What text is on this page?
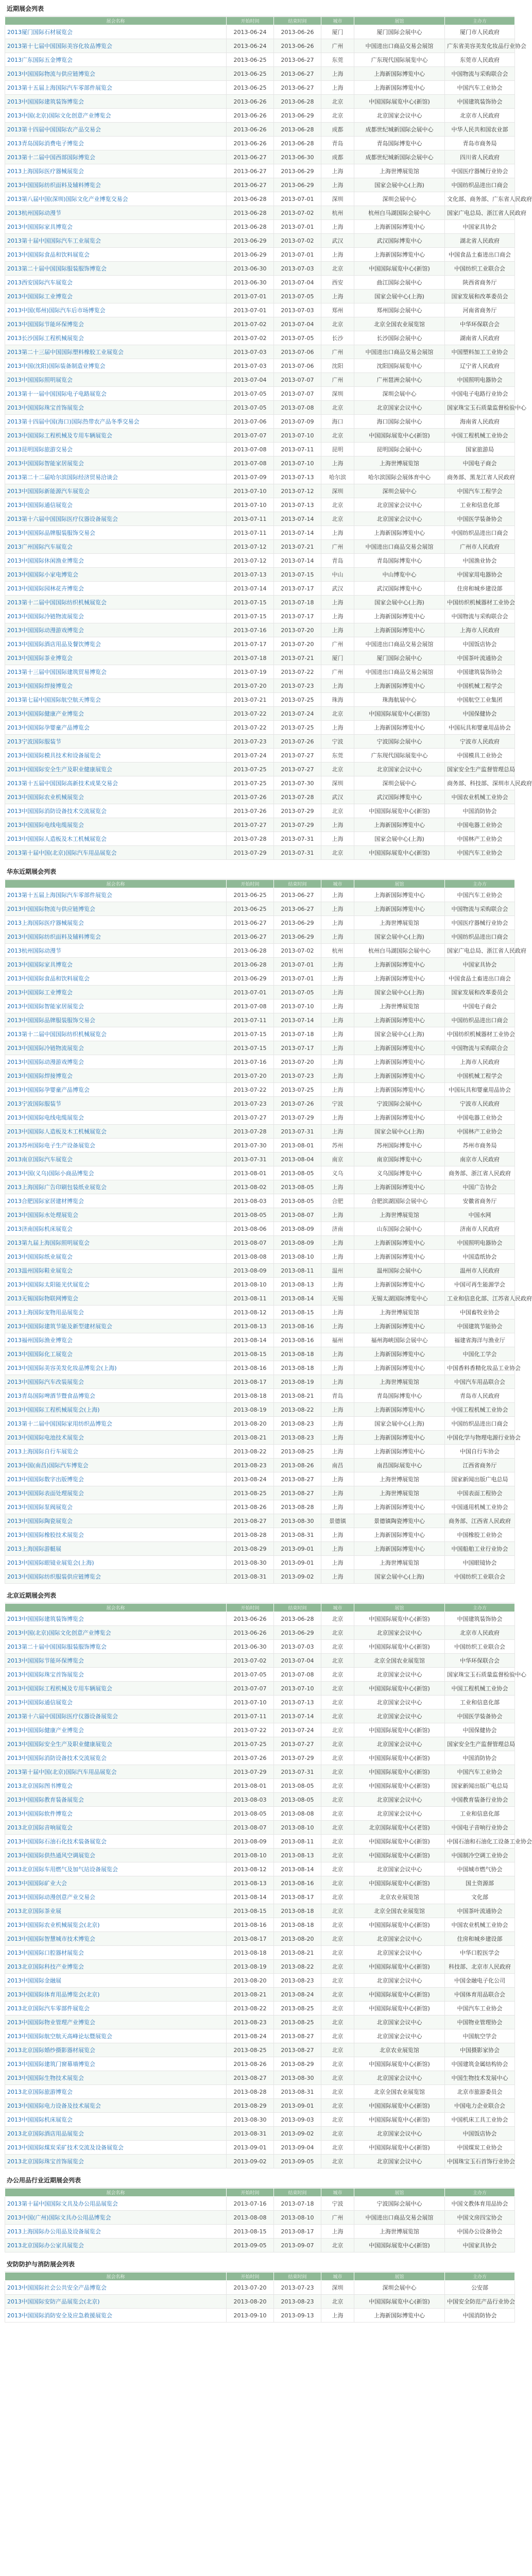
近期展会列表
展会名称	开始时间	结束时间	城市	展馆	主办方
2013厦门国际石材展览会	2013-06-24	2013-06-26	厦门	厦门国际会展中心	厦门市人民政府
2013第十七届中国国际美容化妆品博览会	2013-06-24	2013-06-26	广州	中国进出口商品交易会展馆	广东省美容美发化妆品行业协会
2013广东国际五金博览会	2013-06-25	2013-06-27	东莞	广东现代国际展览中心	东莞市人民政府
2013中国国际物流与供应链博览会	2013-06-25	2013-06-27	上海	上海新国际博览中心	中国物流与采购联合会
2013第十五届上海国际汽车零部件展览会	2013-06-25	2013-06-27	上海	上海新国际博览中心	中国汽车工业协会
2013中国国际建筑装饰博览会	2013-06-26	2013-06-28	北京	中国国际展览中心(新馆)	中国建筑装饰协会
2013中国(北京)国际文化创意产业博览会	2013-06-26	2013-06-29	北京	北京国家会议中心	北京市人民政府
2013第十四届中国国际农产品交易会	2013-06-26	2013-06-28	成都	成都世纪城新国际会展中心	中华人民共和国农业部
2013青岛国际消费电子博览会	2013-06-26	2013-06-28	青岛	青岛国际博览中心	青岛市商务局
2013第十二届中国西部国际博览会	2013-06-27	2013-06-30	成都	成都世纪城新国际会展中心	四川省人民政府
2013上海国际医疗器械展览会	2013-06-27	2013-06-29	上海	上海世博展览馆	中国医疗器械行业协会
2013中国国际纺织面料及辅料博览会	2013-06-27	2013-06-29	上海	国家会展中心(上海)	中国纺织品进出口商会
2013第八届中国(深圳)国际文化产业博览交易会	2013-06-28	2013-07-01	深圳	深圳会展中心	文化部、商务部、广东省人民政府
2013杭州国际动漫节	2013-06-28	2013-07-02	杭州	杭州白马湖国际会展中心	国家广电总局、浙江省人民政府
2013中国国际家具博览会	2013-06-28	2013-07-01	上海	上海新国际博览中心	中国家具协会
2013第十届中国国际汽车工业展览会	2013-06-29	2013-07-02	武汉	武汉国际博览中心	湖北省人民政府
2013中国国际食品和饮料展览会	2013-06-29	2013-07-01	上海	上海新国际博览中心	中国食品土畜进出口商会
2013第二十届中国国际服装服饰博览会	2013-06-30	2013-07-03	北京	中国国际展览中心(新馆)	中国纺织工业联合会
2013西安国际汽车展览会	2013-06-30	2013-07-04	西安	曲江国际会展中心	陕西省商务厅
2013中国国际工业博览会	2013-07-01	2013-07-05	上海	国家会展中心(上海)	国家发展和改革委员会
2013中国(郑州)国际汽车后市场博览会	2013-07-01	2013-07-03	郑州	郑州国际会展中心	河南省商务厅
2013中国国际节能环保博览会	2013-07-02	2013-07-04	北京	北京全国农业展览馆	中华环保联合会
2013长沙国际工程机械展览会	2013-07-02	2013-07-05	长沙	长沙国际会展中心	湖南省人民政府
2013第二十三届中国国际塑料橡胶工业展览会	2013-07-03	2013-07-06	广州	中国进出口商品交易会展馆	中国塑料加工工业协会
2013中国(沈阳)国际装备制造业博览会	2013-07-03	2013-07-06	沈阳	沈阳国际展览中心	辽宁省人民政府
2013中国国际照明展览会	2013-07-04	2013-07-07	广州	广州琶洲会展中心	中国照明电器协会
2013第十一届中国国际电子电路展览会	2013-07-05	2013-07-07	深圳	深圳会展中心	中国电子电路行业协会
2013中国国际珠宝首饰展览会	2013-07-05	2013-07-08	北京	北京国家会议中心	国家珠宝玉石质量监督检验中心
2013第十四届中国(海口)国际热带农产品冬季交易会	2013-07-06	2013-07-09	海口	海口国际会展中心	海南省人民政府
2013中国国际工程机械及专用车辆展览会	2013-07-07	2013-07-10	北京	中国国际展览中心(新馆)	中国工程机械工业协会
2013昆明国际旅游交易会	2013-07-08	2013-07-11	昆明	昆明国际会展中心	国家旅游局
2013中国国际智能家居展览会	2013-07-08	2013-07-10	上海	上海世博展览馆	中国电子商会
2013第二十二届哈尔滨国际经济贸易洽谈会	2013-07-09	2013-07-13	哈尔滨	哈尔滨国际会展体育中心	商务部、黑龙江省人民政府
2013中国国际新能源汽车展览会	2013-07-10	2013-07-12	深圳	深圳会展中心	中国汽车工程学会
2013中国国际通信展览会	2013-07-10	2013-07-13	北京	北京国家会议中心	工业和信息化部
2013第十六届中国国际医疗仪器设备展览会	2013-07-11	2013-07-14	北京	北京国家会议中心	中国医学装备协会
2013中国国际品牌服装服饰交易会	2013-07-11	2013-07-14	上海	上海新国际博览中心	中国纺织品进出口商会
2013广州国际汽车展览会	2013-07-12	2013-07-21	广州	中国进出口商品交易会展馆	广州市人民政府
2013中国国际休闲渔业博览会	2013-07-12	2013-07-14	青岛	青岛国际博览中心	中国渔业协会
2013中国国际小家电博览会	2013-07-13	2013-07-15	中山	中山博览中心	中国家用电器协会
2013中国国际园林花卉博览会	2013-07-14	2013-07-17	武汉	武汉国际博览中心	住房和城乡建设部
2013第十二届中国国际纺织机械展览会	2013-07-15	2013-07-18	上海	国家会展中心(上海)	中国纺织机械器材工业协会
2013中国国际冷链物流展览会	2013-07-15	2013-07-17	上海	上海新国际博览中心	中国物流与采购联合会
2013中国国际动漫游戏博览会	2013-07-16	2013-07-20	上海	上海新国际博览中心	上海市人民政府
2013中国国际酒店用品及餐饮博览会	2013-07-17	2013-07-20	广州	中国进出口商品交易会展馆	中国饭店协会
2013中国国际茶业博览会	2013-07-18	2013-07-21	厦门	厦门国际会展中心	中国茶叶流通协会
2013第十三届中国国际建筑贸易博览会	2013-07-19	2013-07-22	广州	中国进出口商品交易会展馆	中国建筑装饰协会
2013中国国际焊接博览会	2013-07-20	2013-07-23	上海	上海新国际博览中心	中国机械工程学会
2013第七届中国国际航空航天博览会	2013-07-21	2013-07-25	珠海	珠海航展中心	中国航空工业集团
2013中国国际健康产业博览会	2013-07-22	2013-07-24	北京	中国国际展览中心(新馆)	中国保健协会
2013中国国际孕婴童产品博览会	2013-07-22	2013-07-25	上海	上海新国际博览中心	中国玩具和婴童用品协会
2013宁波国际服装节	2013-07-23	2013-07-26	宁波	宁波国际会展中心	宁波市人民政府
2013中国国际模具技术和设备展览会	2013-07-24	2013-07-27	东莞	广东现代国际展览中心	中国模具工业协会
2013中国国际安全生产及职业健康展览会	2013-07-25	2013-07-27	北京	北京国家会议中心	国家安全生产监督管理总局
2013第十五届中国国际高新技术成果交易会	2013-07-25	2013-07-30	深圳	深圳会展中心	商务部、科技部、深圳市人民政府
2013中国国际农业机械展览会	2013-07-26	2013-07-28	武汉	武汉国际博览中心	中国农业机械工业协会
2013中国国际消防设备技术交流展览会	2013-07-26	2013-07-29	北京	中国国际展览中心(新馆)	中国消防协会
2013中国国际电线电缆展览会	2013-07-27	2013-07-29	上海	上海新国际博览中心	中国电器工业协会
2013中国国际人造板及木工机械展览会	2013-07-28	2013-07-31	上海	国家会展中心(上海)	中国林产工业协会
2013第十届中国(北京)国际汽车用品展览会	2013-07-29	2013-07-31	北京	中国国际展览中心(新馆)	中国汽车工业协会
华东近期展会列表
展会名称	开始时间	结束时间	城市	展馆	主办方
2013第十五届上海国际汽车零部件展览会	2013-06-25	2013-06-27	上海	上海新国际博览中心	中国汽车工业协会
2013中国国际物流与供应链博览会	2013-06-25	2013-06-27	上海	上海新国际博览中心	中国物流与采购联合会
2013上海国际医疗器械展览会	2013-06-27	2013-06-29	上海	上海世博展览馆	中国医疗器械行业协会
2013中国国际纺织面料及辅料博览会	2013-06-27	2013-06-29	上海	国家会展中心(上海)	中国纺织品进出口商会
2013杭州国际动漫节	2013-06-28	2013-07-02	杭州	杭州白马湖国际会展中心	国家广电总局、浙江省人民政府
2013中国国际家具博览会	2013-06-28	2013-07-01	上海	上海新国际博览中心	中国家具协会
2013中国国际食品和饮料展览会	2013-06-29	2013-07-01	上海	上海新国际博览中心	中国食品土畜进出口商会
2013中国国际工业博览会	2013-07-01	2013-07-05	上海	国家会展中心(上海)	国家发展和改革委员会
2013中国国际智能家居展览会	2013-07-08	2013-07-10	上海	上海世博展览馆	中国电子商会
2013中国国际品牌服装服饰交易会	2013-07-11	2013-07-14	上海	上海新国际博览中心	中国纺织品进出口商会
2013第十二届中国国际纺织机械展览会	2013-07-15	2013-07-18	上海	国家会展中心(上海)	中国纺织机械器材工业协会
2013中国国际冷链物流展览会	2013-07-15	2013-07-17	上海	上海新国际博览中心	中国物流与采购联合会
2013中国国际动漫游戏博览会	2013-07-16	2013-07-20	上海	上海新国际博览中心	上海市人民政府
2013中国国际焊接博览会	2013-07-20	2013-07-23	上海	上海新国际博览中心	中国机械工程学会
2013中国国际孕婴童产品博览会	2013-07-22	2013-07-25	上海	上海新国际博览中心	中国玩具和婴童用品协会
2013宁波国际服装节	2013-07-23	2013-07-26	宁波	宁波国际会展中心	宁波市人民政府
2013中国国际电线电缆展览会	2013-07-27	2013-07-29	上海	上海新国际博览中心	中国电器工业协会
2013中国国际人造板及木工机械展览会	2013-07-28	2013-07-31	上海	国家会展中心(上海)	中国林产工业协会
2013苏州国际电子生产设备展览会	2013-07-30	2013-08-01	苏州	苏州国际博览中心	苏州市商务局
2013南京国际汽车展览会	2013-07-31	2013-08-04	南京	南京国际博览中心	南京市人民政府
2013中国(义乌)国际小商品博览会	2013-08-01	2013-08-05	义乌	义乌国际博览中心	商务部、浙江省人民政府
2013上海国际广告印刷包装纸业展览会	2013-08-02	2013-08-05	上海	上海新国际博览中心	中国广告协会
2013合肥国际家居建材博览会	2013-08-03	2013-08-05	合肥	合肥滨湖国际会展中心	安徽省商务厅
2013中国国际水处理展览会	2013-08-05	2013-08-07	上海	上海世博展览馆	中国水网
2013济南国际机床展览会	2013-08-06	2013-08-09	济南	山东国际会展中心	济南市人民政府
2013第九届上海国际照明展览会	2013-08-07	2013-08-09	上海	上海新国际博览中心	中国照明电器协会
2013中国国际纸业展览会	2013-08-08	2013-08-10	上海	上海新国际博览中心	中国造纸协会
2013温州国际鞋业展览会	2013-08-09	2013-08-11	温州	温州国际会展中心	温州市人民政府
2013中国国际太阳能光伏展览会	2013-08-10	2013-08-13	上海	上海新国际博览中心	中国可再生能源学会
2013无锡国际物联网博览会	2013-08-11	2013-08-14	无锡	无锡太湖国际博览中心	工业和信息化部、江苏省人民政府
2013上海国际宠物用品展览会	2013-08-12	2013-08-15	上海	上海世博展览馆	中国畜牧业协会
2013中国国际建筑节能及新型建材展览会	2013-08-13	2013-08-16	上海	上海新国际博览中心	中国建筑节能协会
2013福州国际渔业博览会	2013-08-14	2013-08-16	福州	福州海峡国际会展中心	福建省海洋与渔业厅
2013中国国际化工展览会	2013-08-15	2013-08-18	上海	上海新国际博览中心	中国化工学会
2013中国国际美容美发化妆品博览会(上海)	2013-08-16	2013-08-18	上海	上海新国际博览中心	中国香料香精化妆品工业协会
2013中国国际汽车改装展览会	2013-08-17	2013-08-19	上海	上海世博展览馆	中国汽车用品联合会
2013青岛国际啤酒节暨食品博览会	2013-08-18	2013-08-21	青岛	青岛国际博览中心	青岛市人民政府
2013中国国际工程机械展览会(上海)	2013-08-19	2013-08-22	上海	上海新国际博览中心	中国工程机械工业协会
2013第十二届中国国际家用纺织品博览会	2013-08-20	2013-08-23	上海	国家会展中心(上海)	中国纺织品进出口商会
2013中国国际电池技术展览会	2013-08-21	2013-08-23	上海	上海新国际博览中心	中国化学与物理电源行业协会
2013上海国际自行车展览会	2013-08-22	2013-08-25	上海	上海新国际博览中心	中国自行车协会
2013中国(南昌)国际汽车博览会	2013-08-23	2013-08-26	南昌	南昌国际展览中心	江西省商务厅
2013中国国际数字出版博览会	2013-08-24	2013-08-27	上海	上海世博展览馆	国家新闻出版广电总局
2013中国国际表面处理展览会	2013-08-25	2013-08-27	上海	上海世博展览馆	中国表面工程协会
2013中国国际泵阀展览会	2013-08-26	2013-08-28	上海	上海新国际博览中心	中国通用机械工业协会
2013中国国际陶瓷展览会	2013-08-27	2013-08-30	景德镇	景德镇陶瓷博览中心	商务部、江西省人民政府
2013中国国际橡胶技术展览会	2013-08-28	2013-08-31	上海	上海新国际博览中心	中国橡胶工业协会
2013上海国际游艇展	2013-08-29	2013-09-01	上海	上海新国际博览中心	中国船舶工业行业协会
2013中国国际眼镜业展览会(上海)	2013-08-30	2013-09-01	上海	上海世博展览馆	中国眼镜协会
2013中国国际纺织服装供应链博览会	2013-08-31	2013-09-02	上海	国家会展中心(上海)	中国纺织工业联合会
北京近期展会列表
展会名称	开始时间	结束时间	城市	展馆	主办方
2013中国国际建筑装饰博览会	2013-06-26	2013-06-28	北京	中国国际展览中心(新馆)	中国建筑装饰协会
2013中国(北京)国际文化创意产业博览会	2013-06-26	2013-06-29	北京	北京国家会议中心	北京市人民政府
2013第二十届中国国际服装服饰博览会	2013-06-30	2013-07-03	北京	中国国际展览中心(新馆)	中国纺织工业联合会
2013中国国际节能环保博览会	2013-07-02	2013-07-04	北京	北京全国农业展览馆	中华环保联合会
2013中国国际珠宝首饰展览会	2013-07-05	2013-07-08	北京	北京国家会议中心	国家珠宝玉石质量监督检验中心
2013中国国际工程机械及专用车辆展览会	2013-07-07	2013-07-10	北京	中国国际展览中心(新馆)	中国工程机械工业协会
2013中国国际通信展览会	2013-07-10	2013-07-13	北京	北京国家会议中心	工业和信息化部
2013第十六届中国国际医疗仪器设备展览会	2013-07-11	2013-07-14	北京	北京国家会议中心	中国医学装备协会
2013中国国际健康产业博览会	2013-07-22	2013-07-24	北京	中国国际展览中心(新馆)	中国保健协会
2013中国国际安全生产及职业健康展览会	2013-07-25	2013-07-27	北京	北京国家会议中心	国家安全生产监督管理总局
2013中国国际消防设备技术交流展览会	2013-07-26	2013-07-29	北京	中国国际展览中心(新馆)	中国消防协会
2013第十届中国(北京)国际汽车用品展览会	2013-07-29	2013-07-31	北京	中国国际展览中心(新馆)	中国汽车工业协会
2013北京国际图书博览会	2013-08-01	2013-08-05	北京	中国国际展览中心(新馆)	国家新闻出版广电总局
2013中国国际教育装备展览会	2013-08-03	2013-08-05	北京	北京国家会议中心	中国教育装备行业协会
2013中国国际软件博览会	2013-08-05	2013-08-08	北京	北京国家会议中心	工业和信息化部
2013北京国际音响展览会	2013-08-07	2013-08-10	北京	北京国际展览中心(老馆)	中国电子音响行业协会
2013中国国际石油石化技术装备展览会	2013-08-09	2013-08-11	北京	中国国际展览中心(新馆)	中国石油和石油化工设备工业协会
2013中国国际供热通风空调展览会	2013-08-10	2013-08-13	北京	中国国际展览中心(新馆)	中国制冷空调工业协会
2013北京国际车用燃气及加气站设备展览会	2013-08-12	2013-08-14	北京	北京国家会议中心	中国城市燃气协会
2013中国国际矿业大会	2013-08-13	2013-08-16	北京	中国国际展览中心(新馆)	国土资源部
2013中国国际动漫创意产业交易会	2013-08-14	2013-08-17	北京	北京农业展览馆	文化部
2013北京国际茶业展	2013-08-15	2013-08-18	北京	北京全国农业展览馆	中国茶叶流通协会
2013中国国际农业机械展览会(北京)	2013-08-16	2013-08-18	北京	中国国际展览中心(新馆)	中国农业机械工业协会
2013中国国际智慧城市技术博览会	2013-08-17	2013-08-20	北京	北京国家会议中心	住房和城乡建设部
2013中国国际口腔器材展览会	2013-08-18	2013-08-21	北京	北京国家会议中心	中华口腔医学会
2013北京国际科技产业博览会	2013-08-19	2013-08-22	北京	中国国际展览中心(新馆)	科技部、北京市人民政府
2013中国国际金融展	2013-08-20	2013-08-23	北京	北京国家会议中心	中国金融电子化公司
2013中国国际体育用品博览会(北京)	2013-08-21	2013-08-24	北京	中国国际展览中心(新馆)	中国体育用品联合会
2013北京国际汽车零部件展览会	2013-08-22	2013-08-25	北京	中国国际展览中心(新馆)	中国汽车工业协会
2013中国国际物业管理产业博览会	2013-08-23	2013-08-25	北京	北京国家会议中心	中国物业管理协会
2013中国国际航空航天高峰论坛暨展览会	2013-08-24	2013-08-27	北京	北京国家会议中心	中国航空学会
2013北京国际婚纱摄影器材展览会	2013-08-25	2013-08-27	北京	北京农业展览馆	中国摄影家协会
2013中国国际建筑门窗幕墙博览会	2013-08-26	2013-08-29	北京	中国国际展览中心(新馆)	中国建筑金属结构协会
2013中国国际生物技术展览会	2013-08-27	2013-08-30	北京	北京国家会议中心	中国生物技术发展中心
2013北京国际旅游博览会	2013-08-28	2013-08-31	北京	北京全国农业展览馆	北京市旅游委员会
2013中国国际电力设备及技术展览会	2013-08-29	2013-09-01	北京	中国国际展览中心(新馆)	中国电力企业联合会
2013中国国际机床展览会	2013-08-30	2013-09-03	北京	中国国际展览中心(新馆)	中国机床工具工业协会
2013北京国际酒店用品展览会	2013-08-31	2013-09-02	北京	北京国家会议中心	中国饭店协会
2013中国国际煤炭采矿技术交流及设备展览会	2013-09-01	2013-09-04	北京	中国国际展览中心(新馆)	中国煤炭工业协会
2013北京国际珠宝首饰展览会	2013-09-02	2013-09-05	北京	北京国家会议中心	中国珠宝玉石首饰行业协会
办公用品行业近期展会列表
展会名称	开始时间	结束时间	城市	展馆	主办方
2013第十届中国国际文具及办公用品展览会	2013-07-16	2013-07-18	宁波	宁波国际会展中心	中国文教体育用品协会
2013中国(广州)国际文具办公用品博览会	2013-08-08	2013-08-10	广州	中国进出口商品交易会展馆	中国文房四宝协会
2013上海国际办公用品及设备展览会	2013-08-15	2013-08-17	上海	上海世博展览馆	中国办公设备协会
2013北京国际办公家具展览会	2013-09-05	2013-09-07	北京	中国国际展览中心(新馆)	中国家具协会
安防防护与消防展会列表
展会名称	开始时间	结束时间	城市	展馆	主办方
2013中国国际社会公共安全产品博览会	2013-07-20	2013-07-23	深圳	深圳会展中心	公安部
2013中国国际安防产品展览会(北京)	2013-08-20	2013-08-23	北京	中国国际展览中心(新馆)	中国安全防范产品行业协会
2013中国国际消防安全及应急救援展览会	2013-09-10	2013-09-13	上海	上海新国际博览中心	中国消防协会
